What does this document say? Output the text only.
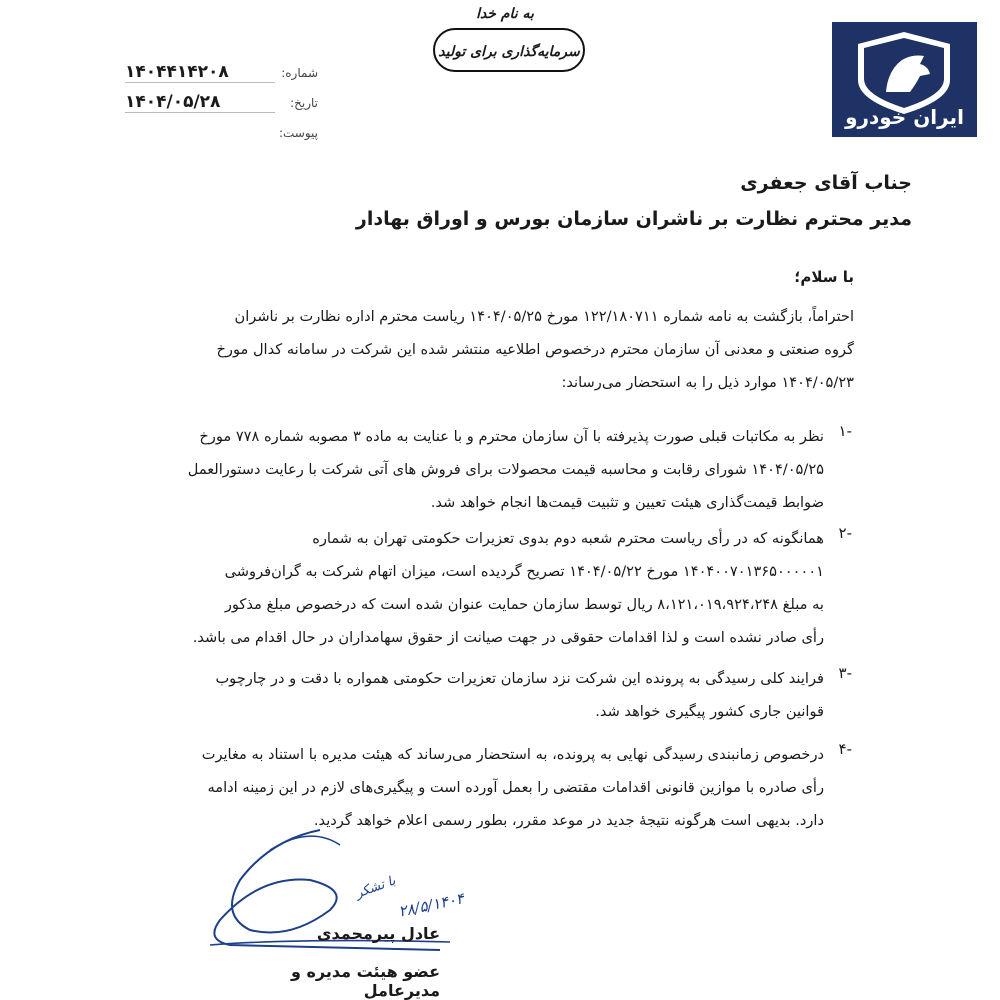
ایران خودرو
به نام خدا
سرمایه‌گذاری برای تولید
۱۴۰۴۴۱۴۲۰۸	شماره:
۱۴۰۴/۰۵/۲۸	تاریخ:
پیوست:
جناب آقای جعفری
مدیر محترم نظارت بر ناشران سازمان بورس و اوراق بهادار
با سلام؛
احتراماً، بازگشت به نامه شماره ۱۲۲/۱۸۰۷۱۱ مورخ ۱۴۰۴/۰۵/۲۵ ریاست محترم اداره نظارت بر ناشران
گروه صنعتی و معدنی آن سازمان محترم درخصوص اطلاعیه منتشر شده این شرکت در سامانه کدال مورخ
۱۴۰۴/۰۵/۲۳ موارد ذیل را به استحضار می‌رساند:
-۱
نظر به مکاتبات قبلی صورت پذیرفته با آن سازمان محترم و با عنایت به ماده ۳ مصوبه شماره ۷۷۸ مورخ
۱۴۰۴/۰۵/۲۵ شورای رقابت و محاسبه قیمت محصولات برای فروش های آتی شرکت با رعایت دستورالعمل
ضوابط قیمت‌گذاری هیئت تعیین و تثبیت قیمت‌ها انجام خواهد شد.
-۲
همانگونه که در رأی ریاست محترم شعبه دوم بدوی تعزیرات حکومتی تهران به شماره
۱۴۰۴۰۰۷۰۱۳۶۵۰۰۰۰۰۱ مورخ ۱۴۰۴/۰۵/۲۲ تصریح گردیده است، میزان اتهام شرکت به گران‌فروشی
به مبلغ ۸،۱۲۱،۰۱۹،۹۲۴،۲۴۸ ریال توسط سازمان حمایت عنوان شده است که درخصوص مبلغ مذکور
رأی صادر نشده است و لذا اقدامات حقوقی در جهت صیانت از حقوق سهامداران در حال اقدام می باشد.
-۳
فرایند کلی رسیدگی به پرونده این شرکت نزد سازمان تعزیرات حکومتی همواره با دقت و در چارچوب
قوانین جاری کشور پیگیری خواهد شد.
-۴
درخصوص زمانبندی رسیدگی نهایی به پرونده، به استحضار می‌رساند که هیئت مدیره با استناد به مغایرت
رأی صادره با موازین قانونی اقدامات مقتضی را بعمل آورده است و پیگیری‌های لازم در این زمینه ادامه
دارد. بدیهی است هرگونه نتیجهٔ جدید در موعد مقرر، بطور رسمی اعلام خواهد گردید.
با تشکر
۲۸/۵/۱۴۰۴
عادل پیرمحمدی
عضو هیئت مدیره و مدیرعامل
